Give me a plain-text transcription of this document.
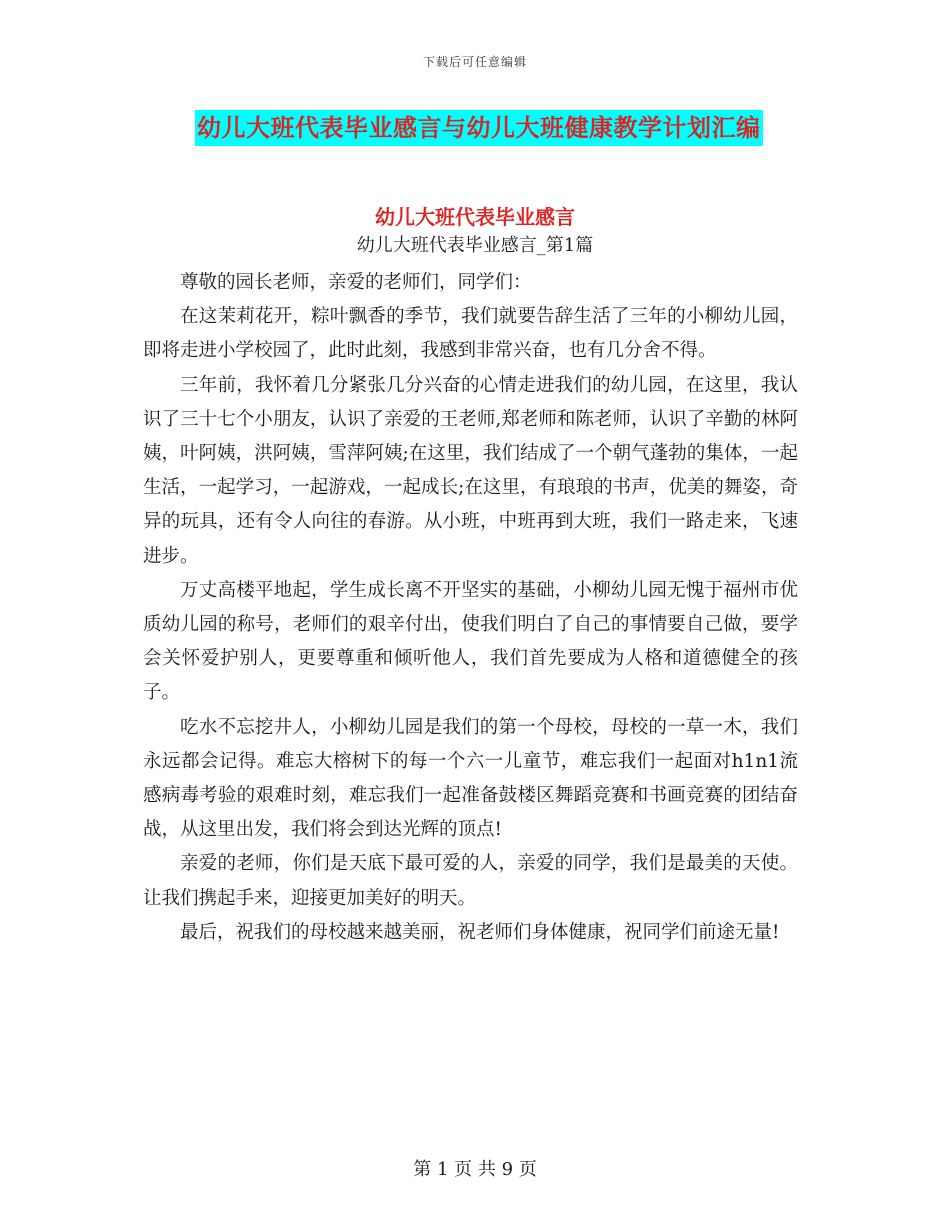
下载后可任意编辑
幼儿大班代表毕业感言与幼儿大班健康教学计划汇编
幼儿大班代表毕业感言
幼儿大班代表毕业感言_第1篇

尊敬的园长老师，亲爱的老师们，同学们：

在这茉莉花开，粽叶飘香的季节，我们就要告辞生活了三年的小柳幼儿园，即将走进小学校园了，此时此刻，我感到非常兴奋，也有几分舍不得。

三年前，我怀着几分紧张几分兴奋的心情走进我们的幼儿园，在这里，我认识了三十七个小朋友，认识了亲爱的王老师,郑老师和陈老师，认识了辛勤的林阿姨，叶阿姨，洪阿姨，雪萍阿姨;在这里，我们结成了一个朝气蓬勃的集体，一起生活，一起学习，一起游戏，一起成长;在这里，有琅琅的书声，优美的舞姿，奇异的玩具，还有令人向往的春游。从小班，中班再到大班，我们一路走来，飞速进步。

万丈高楼平地起，学生成长离不开坚实的基础，小柳幼儿园无愧于福州市优质幼儿园的称号，老师们的艰辛付出，使我们明白了自己的事情要自己做，要学会关怀爱护别人，更要尊重和倾听他人，我们首先要成为人格和道德健全的孩子。

吃水不忘挖井人，小柳幼儿园是我们的第一个母校，母校的一草一木，我们永远都会记得。难忘大榕树下的每一个六一儿童节，难忘我们一起面对h1n1流感病毒考验的艰难时刻，难忘我们一起准备鼓楼区舞蹈竞赛和书画竞赛的团结奋战，从这里出发，我们将会到达光辉的顶点!

亲爱的老师，你们是天底下最可爱的人，亲爱的同学，我们是最美的天使。让我们携起手来，迎接更加美好的明天。

最后，祝我们的母校越来越美丽，祝老师们身体健康，祝同学们前途无量!

第 1 页 共 9 页
